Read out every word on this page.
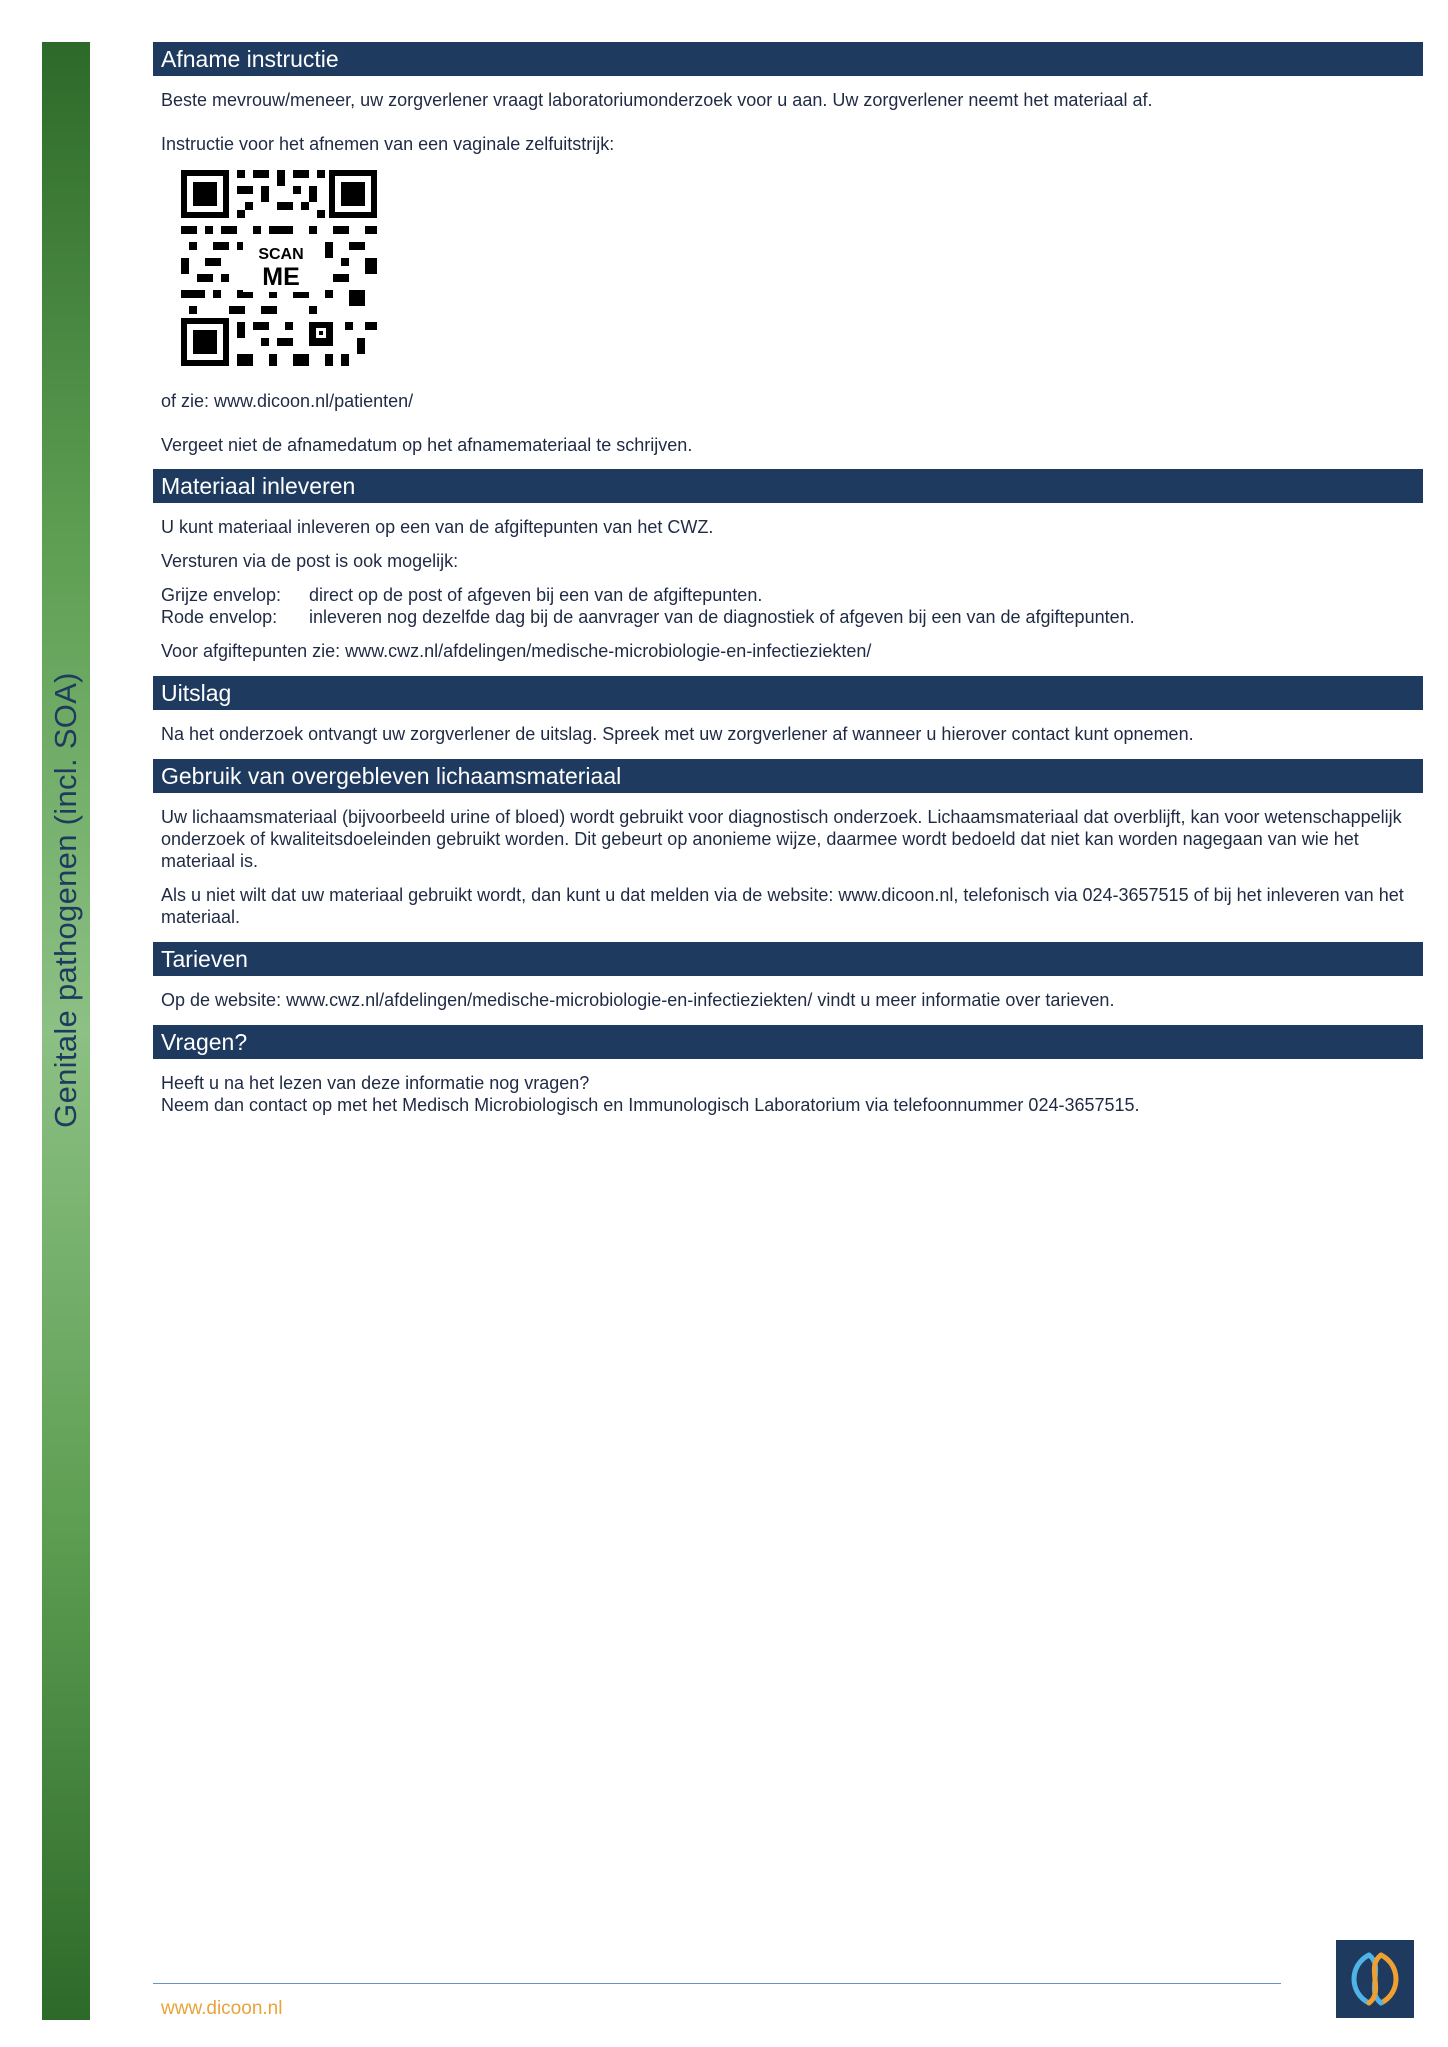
Genitale pathogenen (incl. SOA)
Afname instructie

Beste mevrouw/meneer, uw zorgverlener vraagt laboratoriumonderzoek voor u aan. Uw zorgverlener neemt het materiaal af.

Instructie voor het afnemen van een vaginale zelfuitstrijk:

SCAN
ME

of zie: www.dicoon.nl/patienten/

Vergeet niet de afnamedatum op het afnamemateriaal te schrijven.

Materiaal inleveren

U kunt materiaal inleveren op een van de afgiftepunten van het CWZ.

Versturen via de post is ook mogelijk:

Grijze envelop:	direct op de post of afgeven bij een van de afgiftepunten.
Rode envelop:	inleveren nog dezelfde dag bij de aanvrager van de diagnostiek of afgeven bij een van de afgiftepunten.

Voor afgiftepunten zie: www.cwz.nl/afdelingen/medische-microbiologie-en-infectieziekten/

Uitslag

Na het onderzoek ontvangt uw zorgverlener de uitslag. Spreek met uw zorgverlener af wanneer u hierover contact kunt opnemen.

Gebruik van overgebleven lichaamsmateriaal

Uw lichaamsmateriaal (bijvoorbeeld urine of bloed) wordt gebruikt voor diagnostisch onderzoek. Lichaamsmateriaal dat overblijft, kan voor wetenschappelijk onderzoek of kwaliteitsdoeleinden gebruikt worden. Dit gebeurt op anonieme wijze, daarmee wordt bedoeld dat niet kan worden nagegaan van wie het materiaal is.

Als u niet wilt dat uw materiaal gebruikt wordt, dan kunt u dat melden via de website: www.dicoon.nl, telefonisch via 024-3657515 of bij het inleveren van het materiaal.

Tarieven

Op de website: www.cwz.nl/afdelingen/medische-microbiologie-en-infectieziekten/ vindt u meer informatie over tarieven.

Vragen?

Heeft u na het lezen van deze informatie nog vragen?

Neem dan contact op met het Medisch Microbiologisch en Immunologisch Laboratorium via telefoonnummer 024-3657515.

www.dicoon.nl
